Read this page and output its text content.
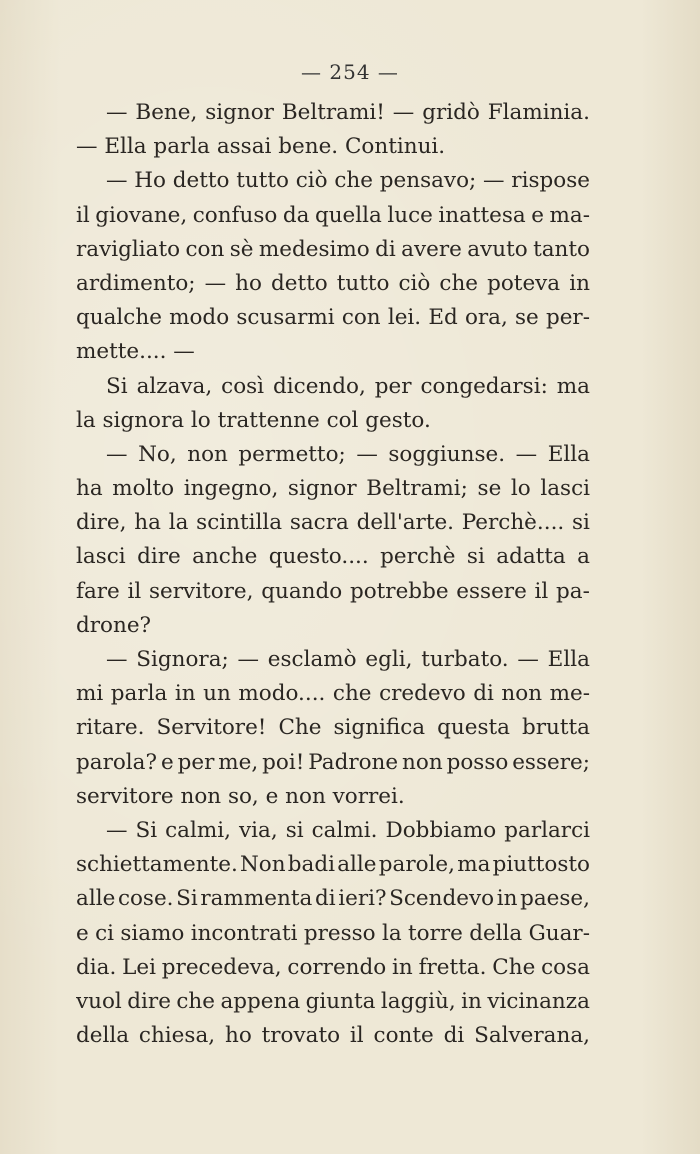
— 254 —
— Bene, signor Beltrami! — gridò Flaminia.
— Ella parla assai bene. Continui.
— Ho detto tutto ciò che pensavo; — rispose
il giovane, confuso da quella luce inattesa e ma-
ravigliato con sè medesimo di avere avuto tanto
ardimento; — ho detto tutto ciò che poteva in
qualche modo scusarmi con lei. Ed ora, se per-
mette.... —
Si alzava, così dicendo, per congedarsi: ma
la signora lo trattenne col gesto.
— No, non permetto; — soggiunse. — Ella
ha molto ingegno, signor Beltrami; se lo lasci
dire, ha la scintilla sacra dell'arte. Perchè.... si
lasci dire anche questo.... perchè si adatta a
fare il servitore, quando potrebbe essere il pa-
drone?
— Signora; — esclamò egli, turbato. — Ella
mi parla in un modo.... che credevo di non me-
ritare. Servitore! Che significa questa brutta
parola? e per me, poi! Padrone non posso essere;
servitore non so, e non vorrei.
— Si calmi, via, si calmi. Dobbiamo parlarci
schiettamente. Non badi alle parole, ma piuttosto
alle cose. Si rammenta di ieri? Scendevo in paese,
e ci siamo incontrati presso la torre della Guar-
dia. Lei precedeva, correndo in fretta. Che cosa
vuol dire che appena giunta laggiù, in vicinanza
della chiesa, ho trovato il conte di Salverana,
